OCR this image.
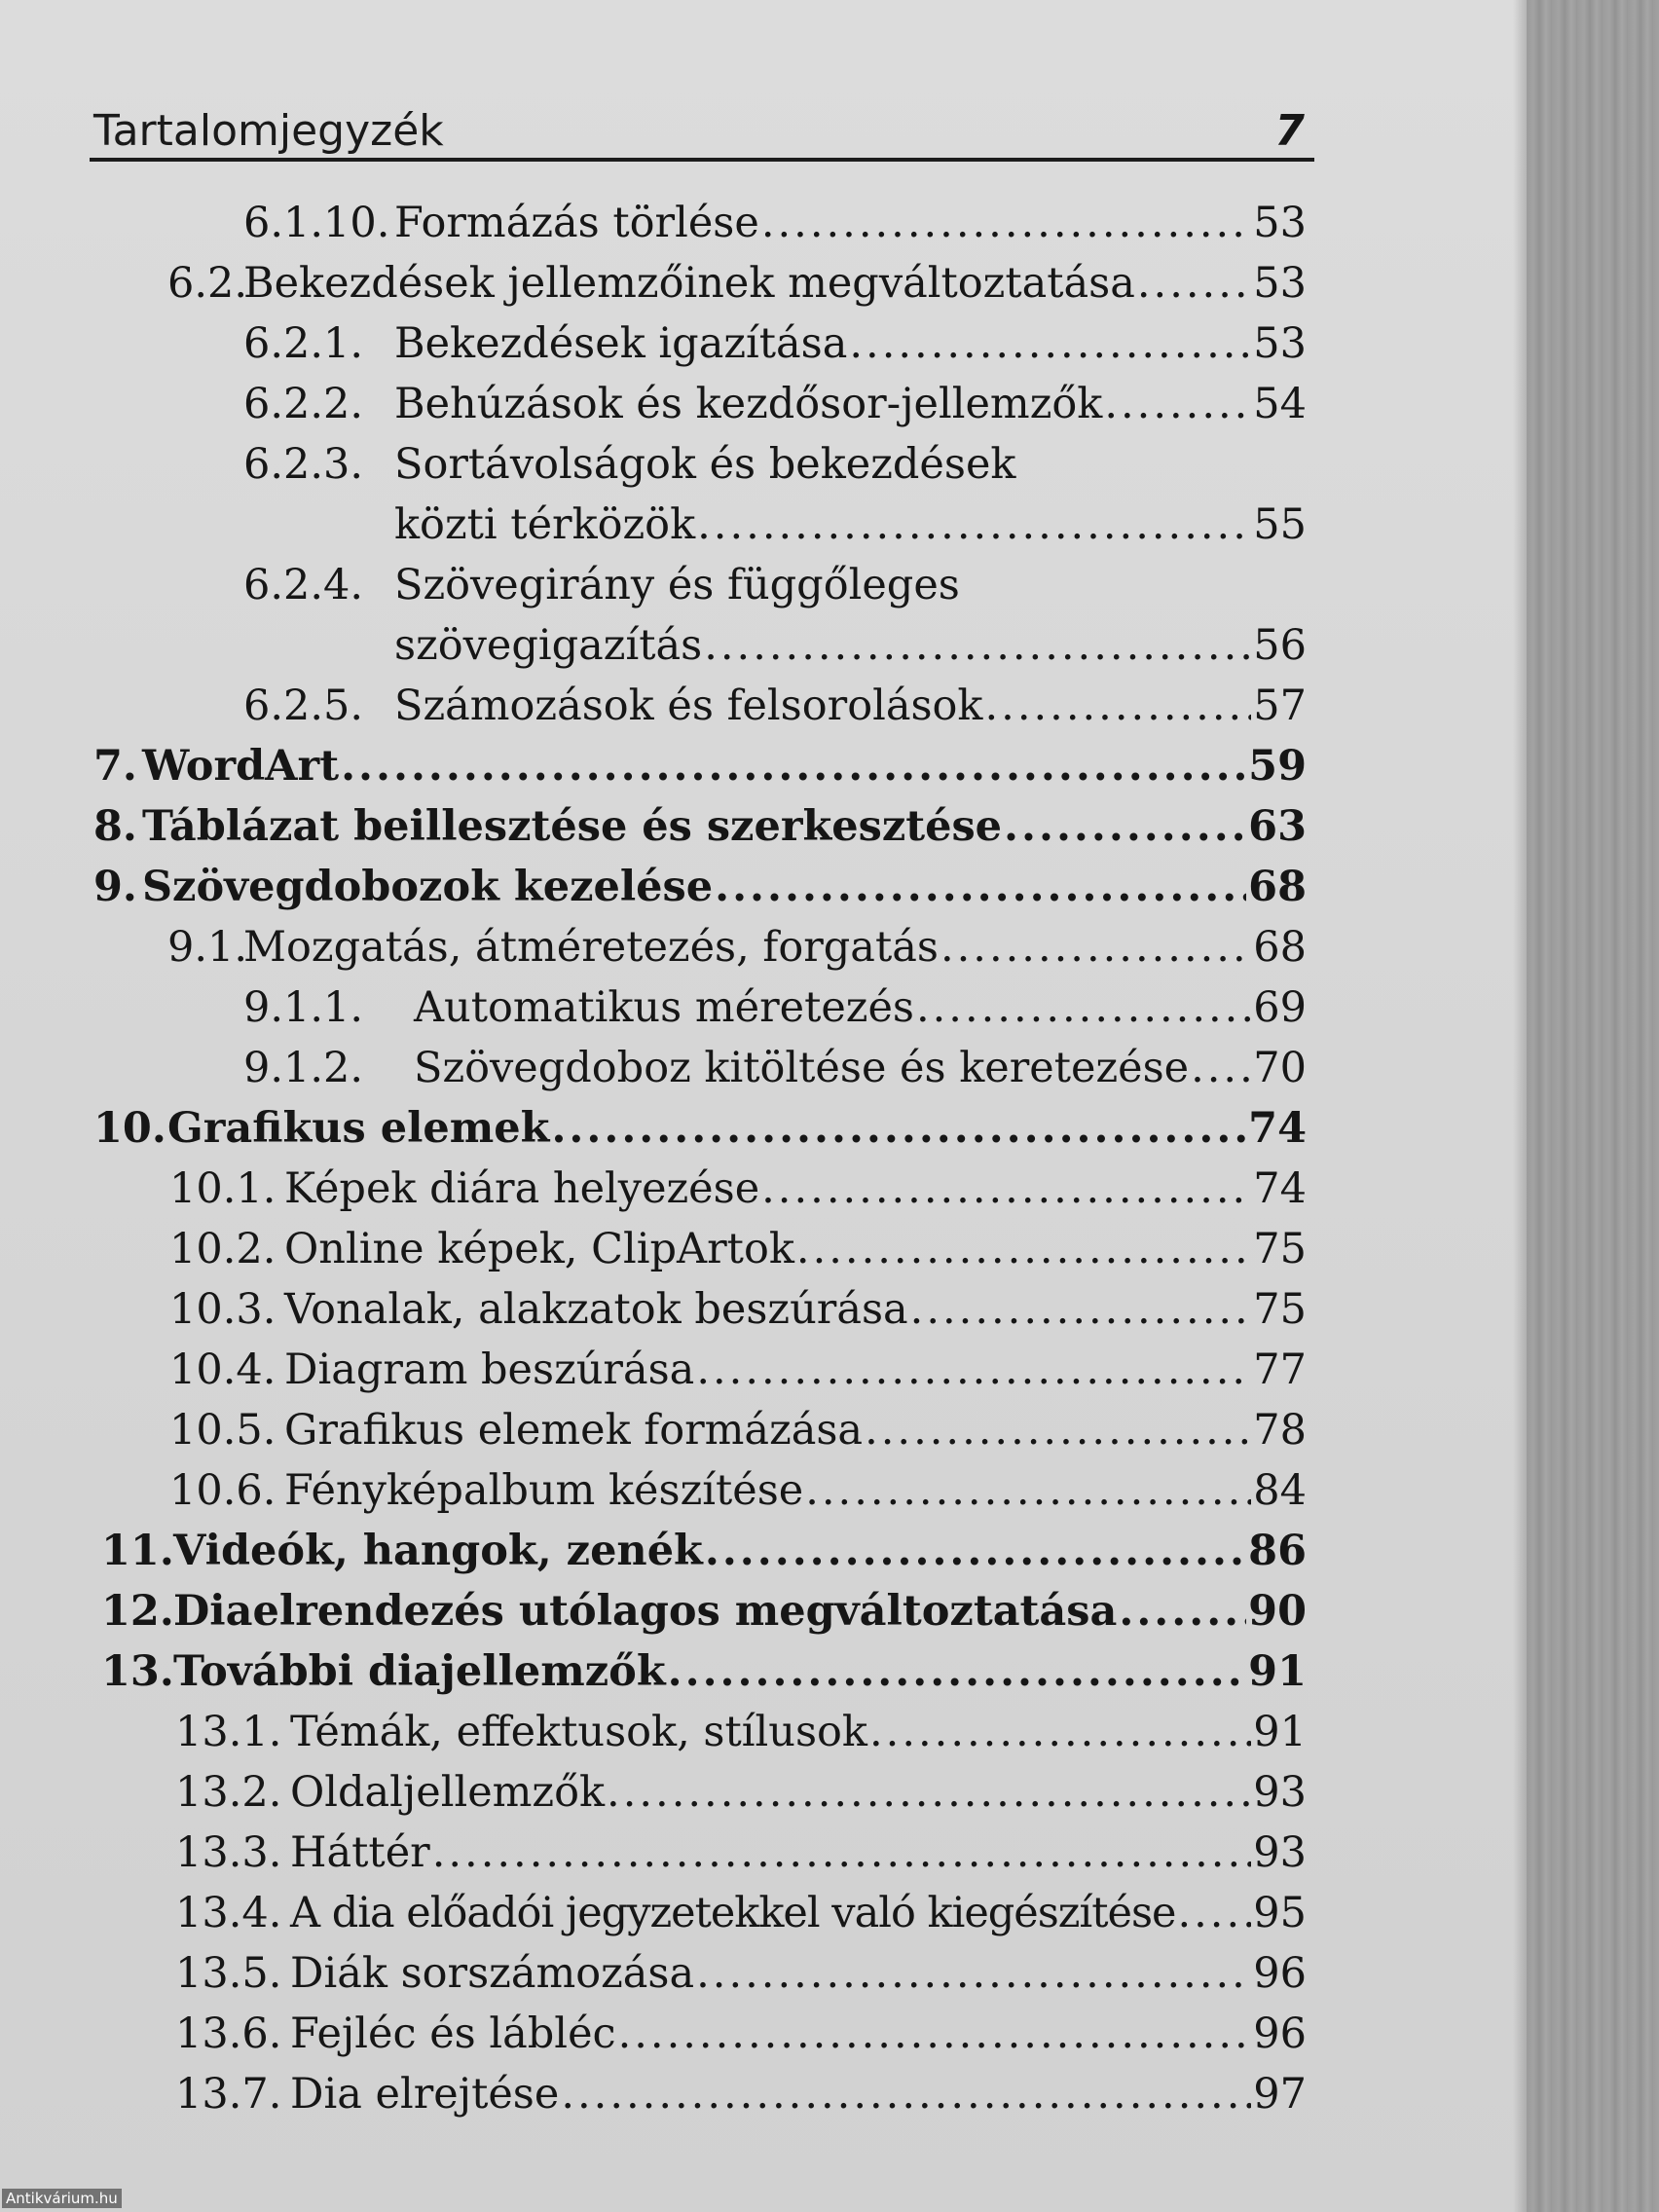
Tartalomjegyzék	7
6.1.10. Formázás törlése .....	53
6.2.
Bekezdések jellemzőinek megváltoztatása .....	53
6.2.1. Bekezdések igazítása .....	53
6.2.2. Behúzások és kezdősor-jellemzők .....	54
6.2.3. Sortávolságok és bekezdések
közti térközök .....	55
6.2.4. Szövegirány és függőleges
szövegigazítás .....	56
6.2.5. Számozások és felsorolások .....	57
7. WordArt .....	59
8. Táblázat beillesztése és szerkesztése .....	63
9. Szövegdobozok kezelése .....	68
9.1.
Mozgatás, átméretezés, forgatás .....	68
9.1.1.	Automatikus méretezés .....	69
9.1.2.	Szövegdoboz kitöltése és keretezése ..... 70
10. Grafikus elemek .....	74
10.1. Képek diára helyezése .....	74
10.2. Online képek, ClipArtok .....	75
10.3. Vonalak, alakzatok beszúrása .....	75
10.4. Diagram beszúrása .....	77
10.5. Grafikus elemek formázása .....	78
10.6. Fényképalbum készítése .....	84
11. Videók, hangok, zenék .....	86
12. Diaelrendezés utólagos megváltoztatása .....	90
13. További diajellemzők .....	91
13.1. Témák, effektusok, stílusok .....	91
13.2. Oldaljellemzők .....	93
13.3. Háttér .....	93
13.4. A dia előadói jegyzetekkel való kiegészítése ..... 95
13.5. Diák sorszámozása .....	96
13.6. Fejléc és lábléc .....	96
13.7. Dia elrejtése .....	97
Antikvárium.hu
